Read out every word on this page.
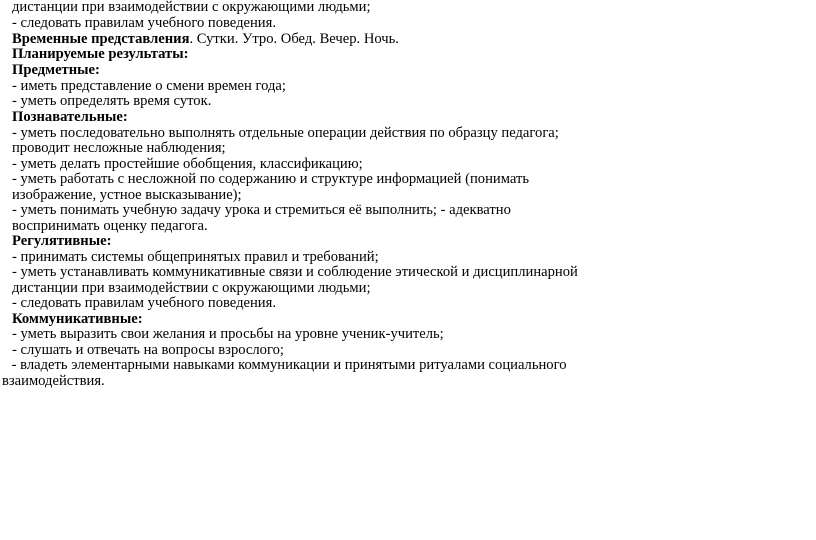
дистанции при взаимодействии с окружающими людьми;
- следовать правилам учебного поведения.
Временные представления. Сутки. Утро. Обед. Вечер. Ночь.
Планируемые результаты:
Предметные:
- иметь представление о смени времен года;
- уметь определять время суток.
Познавательные:
- уметь последовательно выполнять отдельные операции действия по образцу педагога;
проводит несложные наблюдения;
- уметь делать простейшие обобщения, классификацию;
- уметь работать с несложной по содержанию и структуре информацией (понимать
изображение, устное высказывание);
- уметь понимать учебную задачу урока и стремиться её выполнить; - адекватно
воспринимать оценку педагога.
Регулятивные:
- принимать системы общепринятых правил и требований;
- уметь устанавливать коммуникативные связи и соблюдение этической и дисциплинарной
дистанции при взаимодействии с окружающими людьми;
- следовать правилам учебного поведения.
Коммуникативные:
- уметь выразить свои желания и просьбы на уровне ученик-учитель;
- слушать и отвечать на вопросы взрослого;
- владеть элементарными навыками коммуникации и принятыми ритуалами социального
взаимодействия.
